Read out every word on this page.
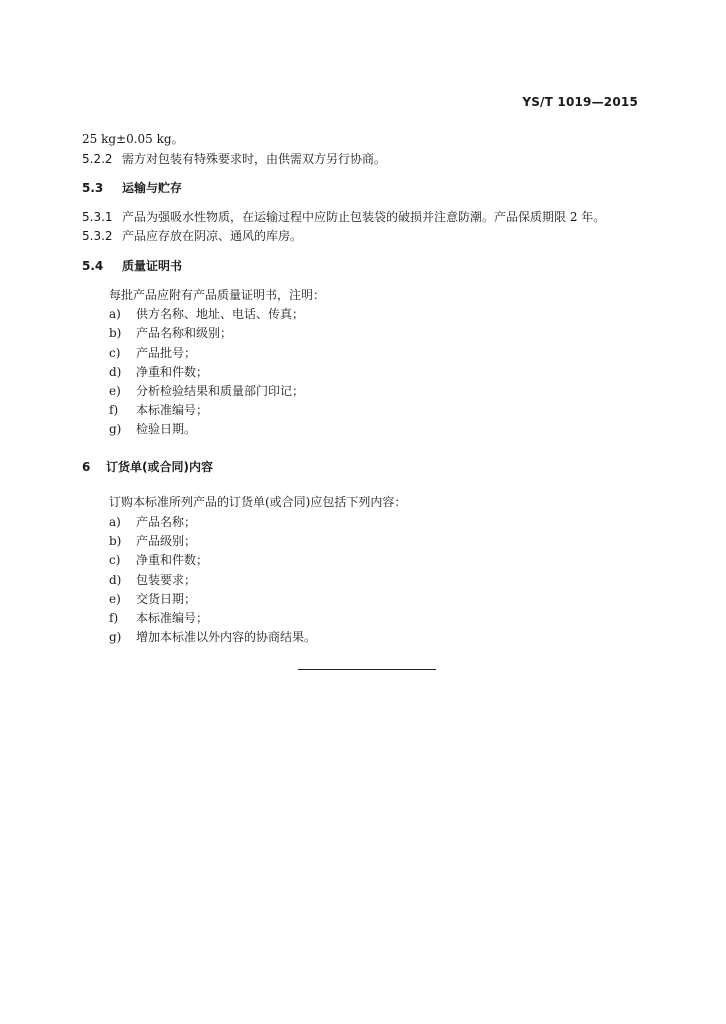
YS/T 1019—2015
25 kg±0.05 kg。
5.2.2 需方对包装有特殊要求时，由供需双方另行协商。
5.3 运输与贮存
5.3.1 产品为强吸水性物质，在运输过程中应防止包装袋的破损并注意防潮。产品保质期限 2 年。
5.3.2 产品应存放在阴凉、通风的库房。
5.4 质量证明书
每批产品应附有产品质量证明书，注明：
a) 供方名称、地址、电话、传真；
b) 产品名称和级别；
c) 产品批号；
d) 净重和件数；
e) 分析检验结果和质量部门印记；
f) 本标准编号；
g) 检验日期。
6 订货单(或合同)内容
订购本标准所列产品的订货单(或合同)应包括下列内容：
a) 产品名称；
b) 产品级别；
c) 净重和件数；
d) 包装要求；
e) 交货日期；
f) 本标准编号；
g) 增加本标准以外内容的协商结果。
